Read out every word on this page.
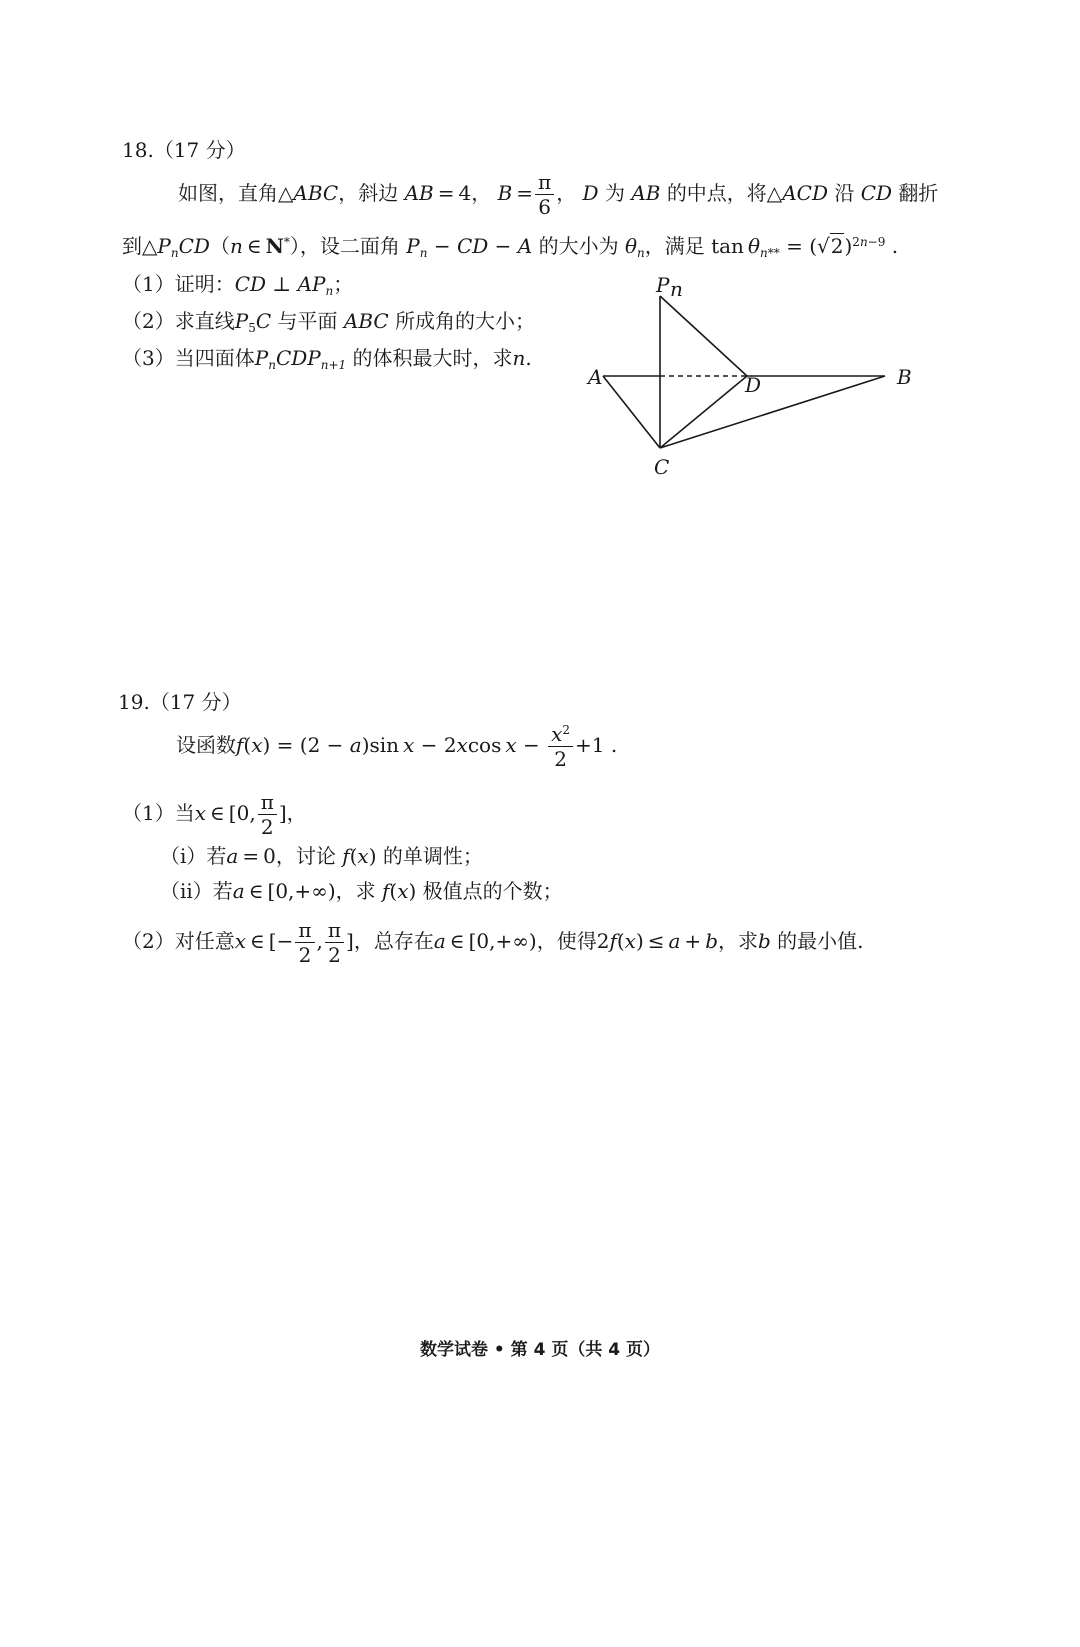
18.（17 分）
如图，直角△ABC，斜边 AB = 4， $B = \frac{\pi}{6}$ ， D 为 AB 的中点，将△ACD 沿 CD 翻折
到$\triangle P_nCD(n$ ∈ N*），设二面角 $P_n$ − CD − A 的大小为 $\theta_n$，满足 $\tan \theta_{n**} = (√2)^{2n-9}$ .
（1）证明：CD ⊥ $AP_n$；
（2）求直线$P_5C$ 与平面 ABC 所成角的大小；
（3）当四面体$P_nCDP_{n+1}$ 的体积最大时，求n.
P n
A	B
C
D
19.（17 分）
设函数f(x) = (2 − a)sin x − 2xcos $x - \frac{x^2}{2} +1$ .
（1）当x ∈ [0, $\frac{\pi}{2}$ ]，
（i）若a = 0，讨论 f(x) 的单调性；
（ii）若a ∈ [0,+∞)，求 f(x) 极值点的个数；
（2）对任意x ∈ [− $\frac{\pi}{2}$ , $\frac{\pi}{2}$ ]，总存在a ∈ [0,+∞)，使得2f(x) ≤ a + b，求b 的最小值.
数学试卷 • 第 4 页（共 4 页）
